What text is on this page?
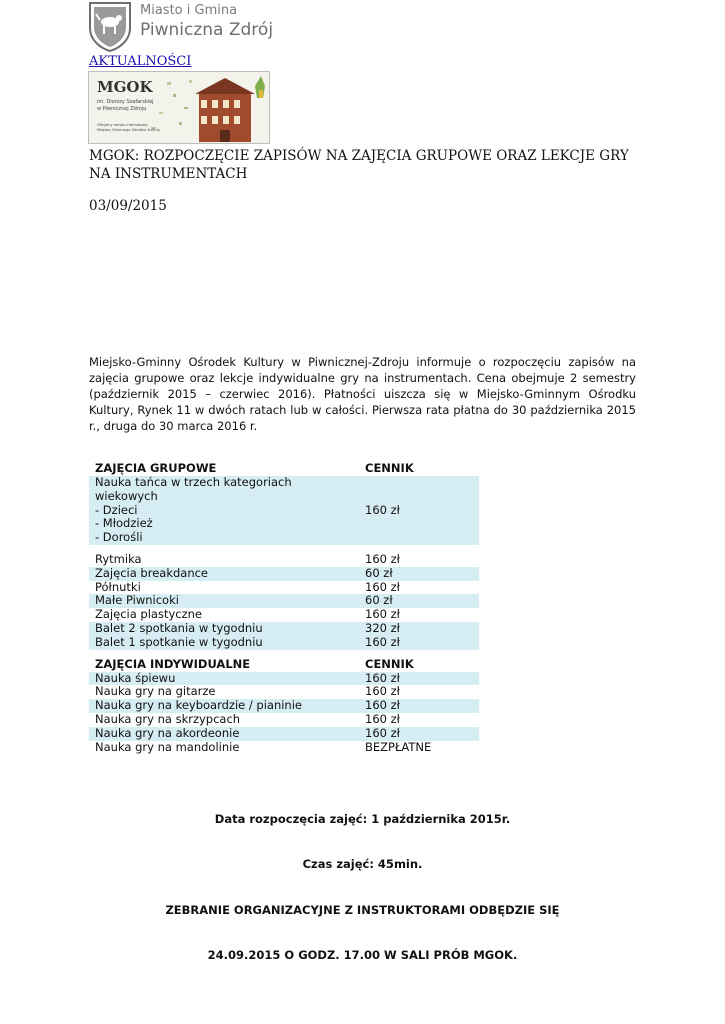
Miasto i Gmina
Piwniczna Zdrój
AKTUALNOŚCI
MGOK
im. Dionizy Szafarskiej
w Piwnicznej Zdroju
Oficjalny serwis internetowy
Miejsko-Gminnego Ośrodka Kultury
MGOK: ROZPOCZĘCIE ZAPISÓW NA ZAJĘCIA GRUPOWE ORAZ LEKCJE GRY NA INSTRUMENTACH
03/09/2015

Miejsko-Gminny Ośrodek Kultury w Piwnicznej-Zdroju informuje o rozpoczęciu zapisów na zajęcia grupowe oraz lekcje indywidualne gry na instrumentach. Cena obejmuje 2 semestry (październik 2015 – czerwiec 2016). Płatności uiszcza się w Miejsko-Gminnym Ośrodku Kultury, Rynek 11 w dwóch ratach lub w całości. Pierwsza rata płatna do 30 października 2015 r., druga do 30 marca 2016 r.

ZAJĘCIA GRUPOWE	CENNIK

Nauka tańca w trzech kategoriach wiekowych
- Dzieci
- Młodzież
- Dorośli	160 zł

Rytmika	160 zł
Zajęcia breakdance	60 zł
Półnutki	160 zł
Małe Piwnicoki	60 zł
Zajęcia plastyczne	160 zł
Balet 2 spotkania w tygodniu	320 zł
Balet 1 spotkanie w tygodniu	160 zł

ZAJĘCIA INDYWIDUALNE	CENNIK
Nauka śpiewu	160 zł
Nauka gry na gitarze	160 zł
Nauka gry na keyboardzie / pianinie	160 zł
Nauka gry na skrzypcach	160 zł
Nauka gry na akordeonie	160 zł
Nauka gry na mandolinie	BEZPŁATNE
Data rozpoczęcia zajęć: 1 października 2015r.
Czas zajęć: 45min.
ZEBRANIE ORGANIZACYJNE Z INSTRUKTORAMI ODBĘDZIE SIĘ
24.09.2015 O GODZ. 17.00 W SALI PRÓB MGOK.
